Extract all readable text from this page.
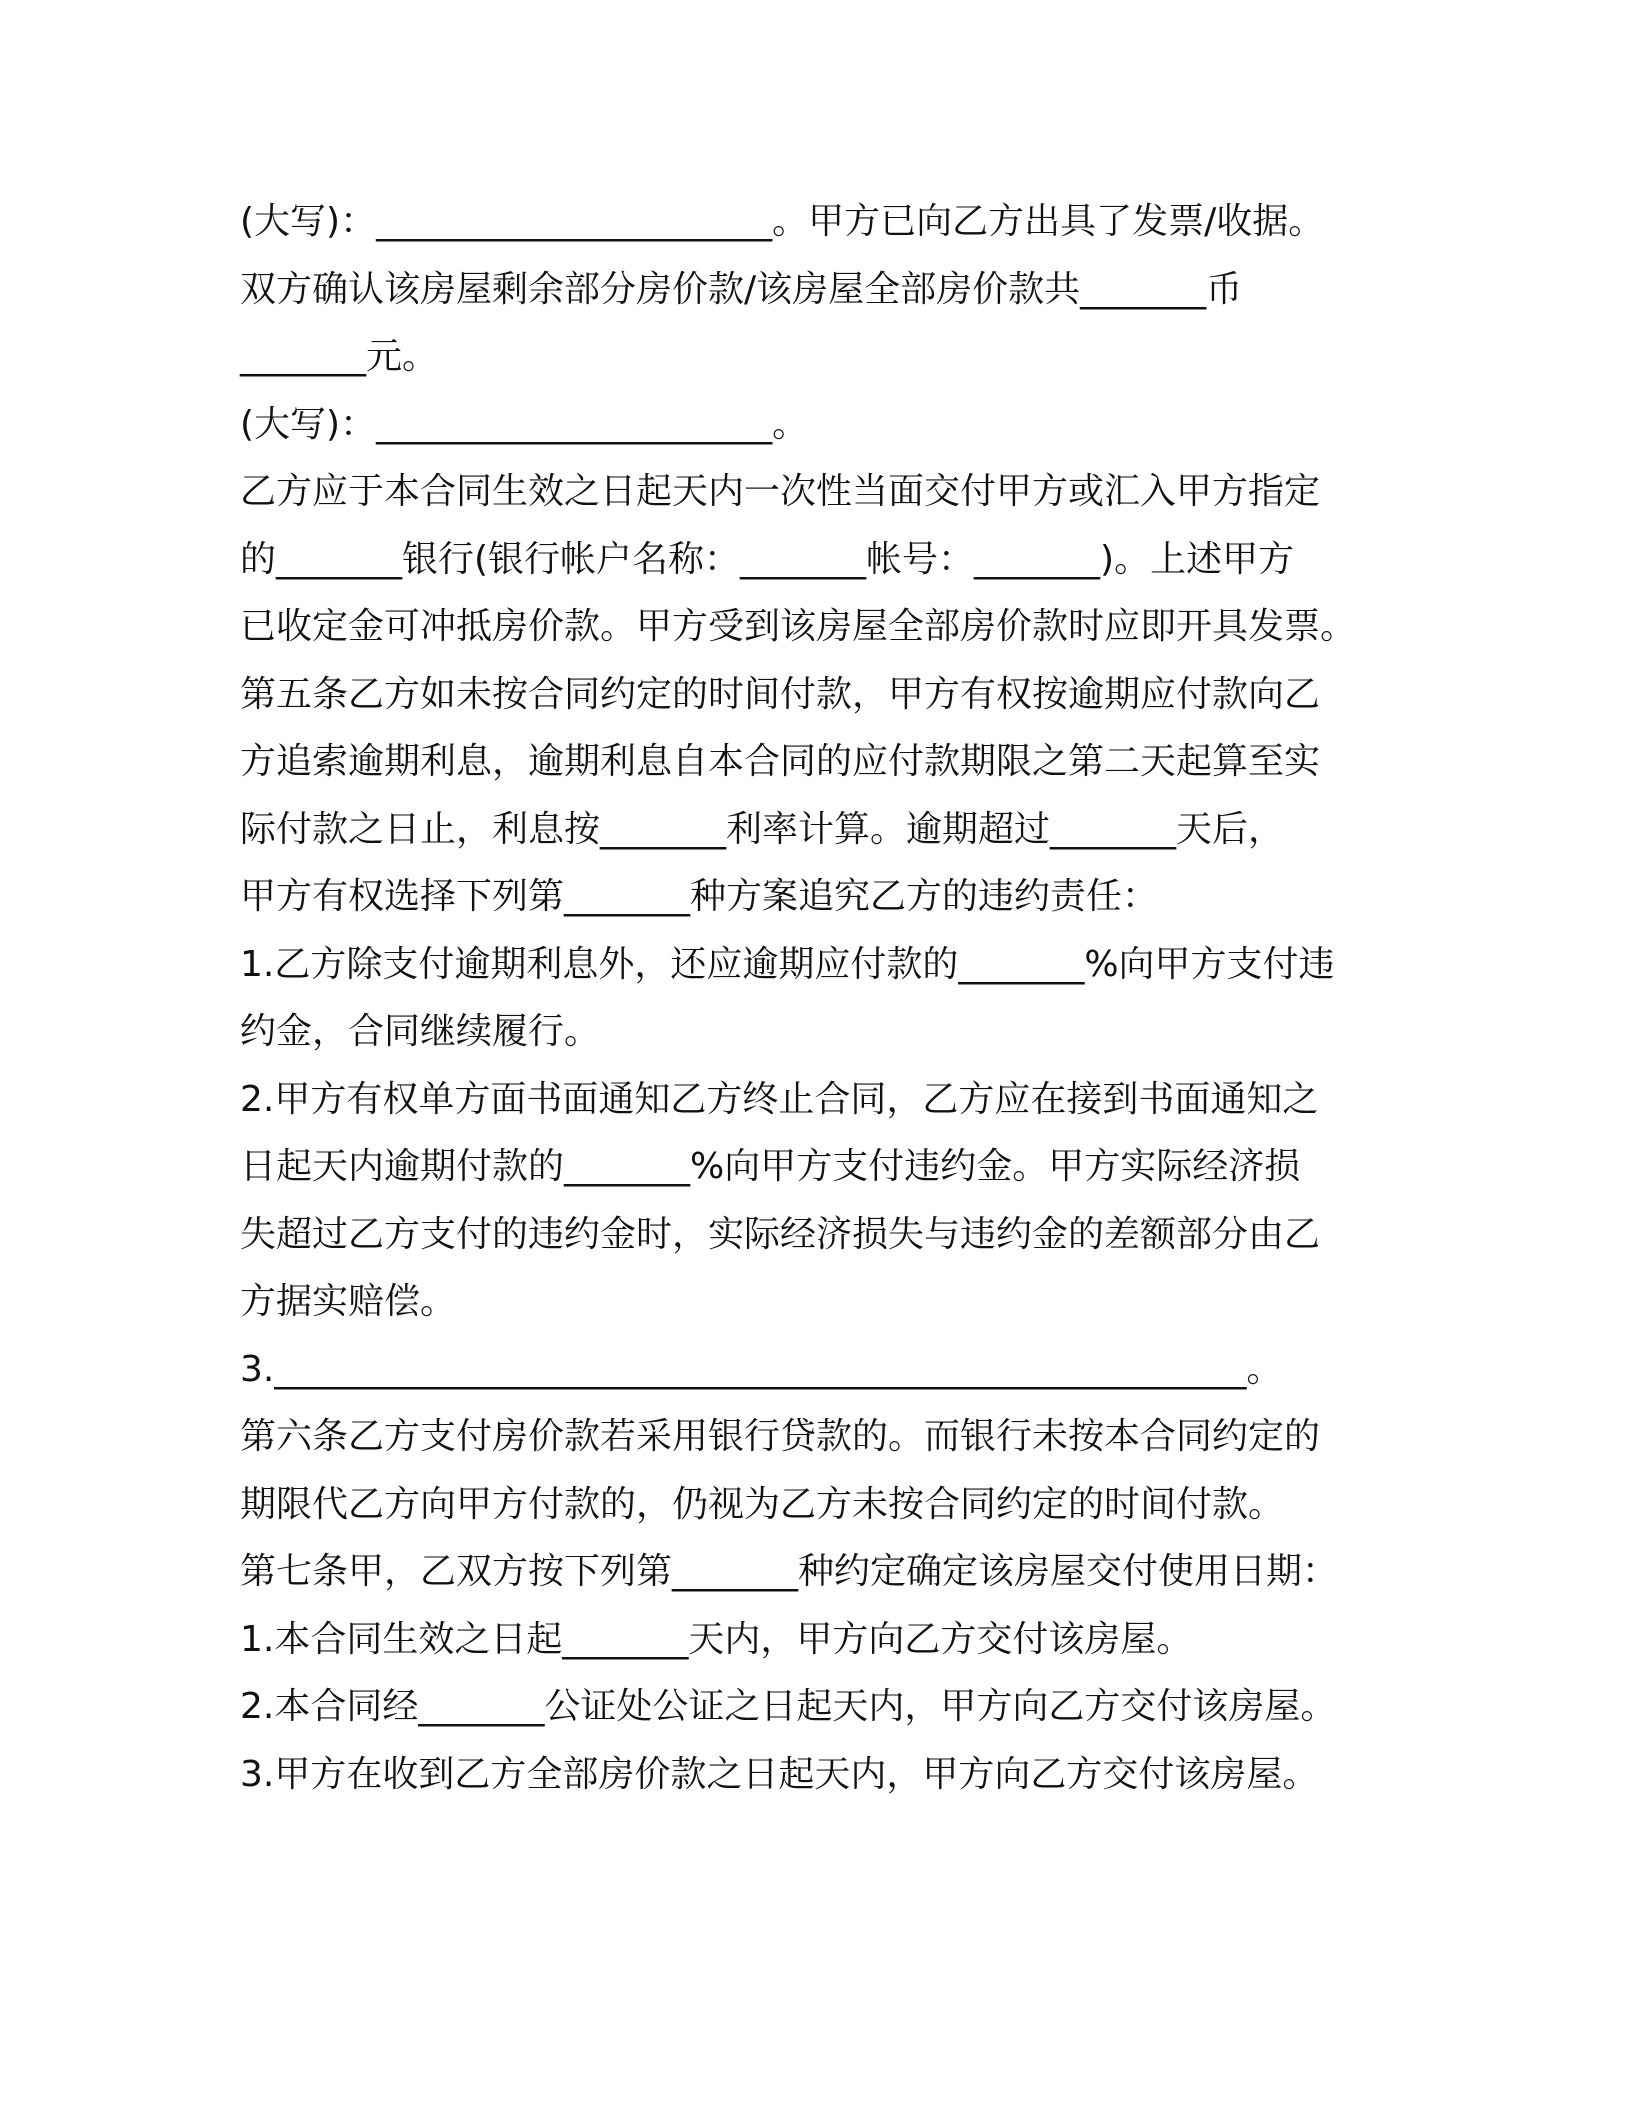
(大写)：______________________。甲方已向乙方出具了发票/收据。
双方确认该房屋剩余部分房价款/该房屋全部房价款共_______币
_______元。
(大写)：______________________。
乙方应于本合同生效之日起天内一次性当面交付甲方或汇入甲方指定
的_______银行(银行帐户名称：_______帐号：_______)。上述甲方
已收定金可冲抵房价款。甲方受到该房屋全部房价款时应即开具发票。
第五条乙方如未按合同约定的时间付款，甲方有权按逾期应付款向乙
方追索逾期利息，逾期利息自本合同的应付款期限之第二天起算至实
际付款之日止，利息按_______利率计算。逾期超过_______天后，
甲方有权选择下列第_______种方案追究乙方的违约责任：
1.乙方除支付逾期利息外，还应逾期应付款的_______%向甲方支付违
约金，合同继续履行。
2.甲方有权单方面书面通知乙方终止合同，乙方应在接到书面通知之
日起天内逾期付款的_______%向甲方支付违约金。甲方实际经济损
失超过乙方支付的违约金时，实际经济损失与违约金的差额部分由乙
方据实赔偿。
3.______________________________________________________。
第六条乙方支付房价款若采用银行贷款的。而银行未按本合同约定的
期限代乙方向甲方付款的，仍视为乙方未按合同约定的时间付款。
第七条甲，乙双方按下列第_______种约定确定该房屋交付使用日期：
1.本合同生效之日起_______天内，甲方向乙方交付该房屋。
2.本合同经_______公证处公证之日起天内，甲方向乙方交付该房屋。
3.甲方在收到乙方全部房价款之日起天内，甲方向乙方交付该房屋。
